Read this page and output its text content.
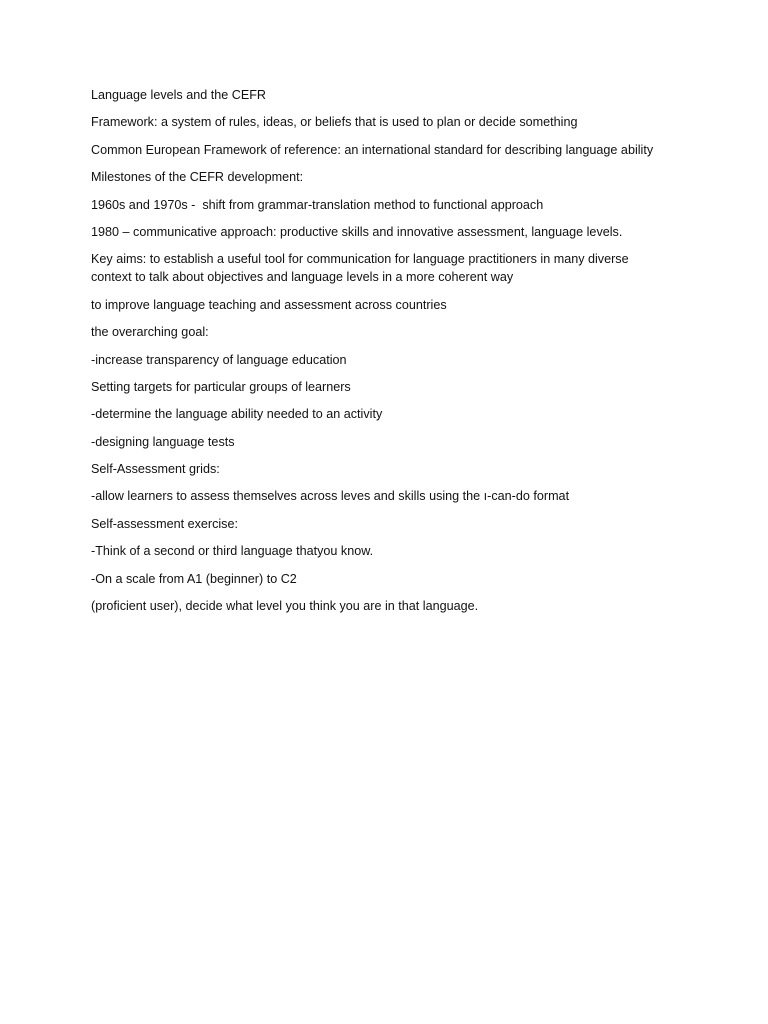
Language levels and the CEFR

Framework: a system of rules, ideas, or beliefs that is used to plan or decide something

Common European Framework of reference: an international standard for describing language ability

Milestones of the CEFR development:

1960s and 1970s -  shift from grammar-translation method to functional approach

1980 – communicative approach: productive skills and innovative assessment, language levels.

Key aims: to establish a useful tool for communication for language practitioners in many diverse context to talk about objectives and language levels in a more coherent way

to improve language teaching and assessment across countries

the overarching goal:

-increase transparency of language education

Setting targets for particular groups of learners

-determine the language ability needed to an activity

-designing language tests

Self-Assessment grids:

-allow learners to assess themselves across leves and skills using the ı-can-do format

Self-assessment exercise:

-Think of a second or third language thatyou know.

-On a scale from A1 (beginner) to C2

(proficient user), decide what level you think you are in that language.
